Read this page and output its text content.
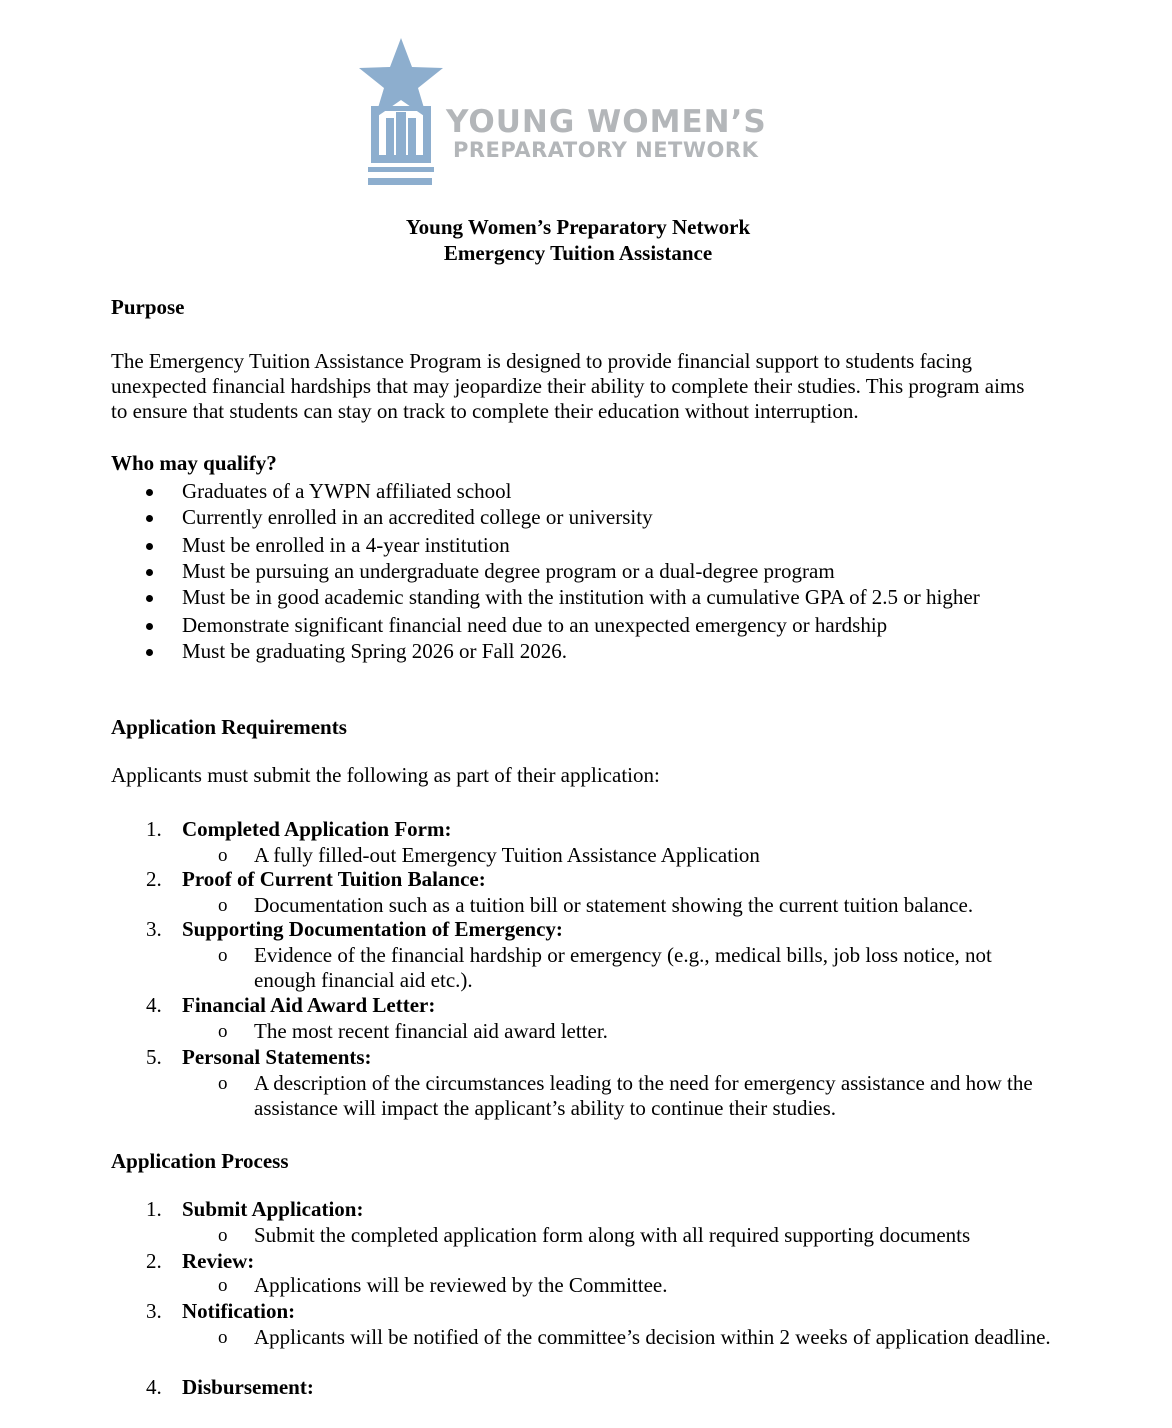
YOUNG WOMEN’S
PREPARATORY NETWORK
Young Women’s Preparatory Network
Emergency Tuition Assistance
Purpose
The Emergency Tuition Assistance Program is designed to provide financial support to students facing unexpected financial hardships that may jeopardize their ability to complete their studies. This program aims to ensure that students can stay on track to complete their education without interruption.
Who may qualify?
Graduates of a YWPN affiliated school
Currently enrolled in an accredited college or university
Must be enrolled in a 4-year institution
Must be pursuing an undergraduate degree program or a dual-degree program
Must be in good academic standing with the institution with a cumulative GPA of 2.5 or higher
Demonstrate significant financial need due to an unexpected emergency or hardship
Must be graduating Spring 2026 or Fall 2026.
Application Requirements
Applicants must submit the following as part of their application:
1. Completed Application Form:
o A fully filled-out Emergency Tuition Assistance Application
2. Proof of Current Tuition Balance:
o Documentation such as a tuition bill or statement showing the current tuition balance.
3. Supporting Documentation of Emergency:
o Evidence of the financial hardship or emergency (e.g., medical bills, job loss notice, not enough financial aid etc.).
4. Financial Aid Award Letter:
o The most recent financial aid award letter.
5. Personal Statements:
o A description of the circumstances leading to the need for emergency assistance and how the assistance will impact the applicant’s ability to continue their studies.
Application Process
1. Submit Application:
o Submit the completed application form along with all required supporting documents
2. Review:
o Applications will be reviewed by the Committee.
3. Notification:
o Applicants will be notified of the committee’s decision within 2 weeks of application deadline.
4. Disbursement:
